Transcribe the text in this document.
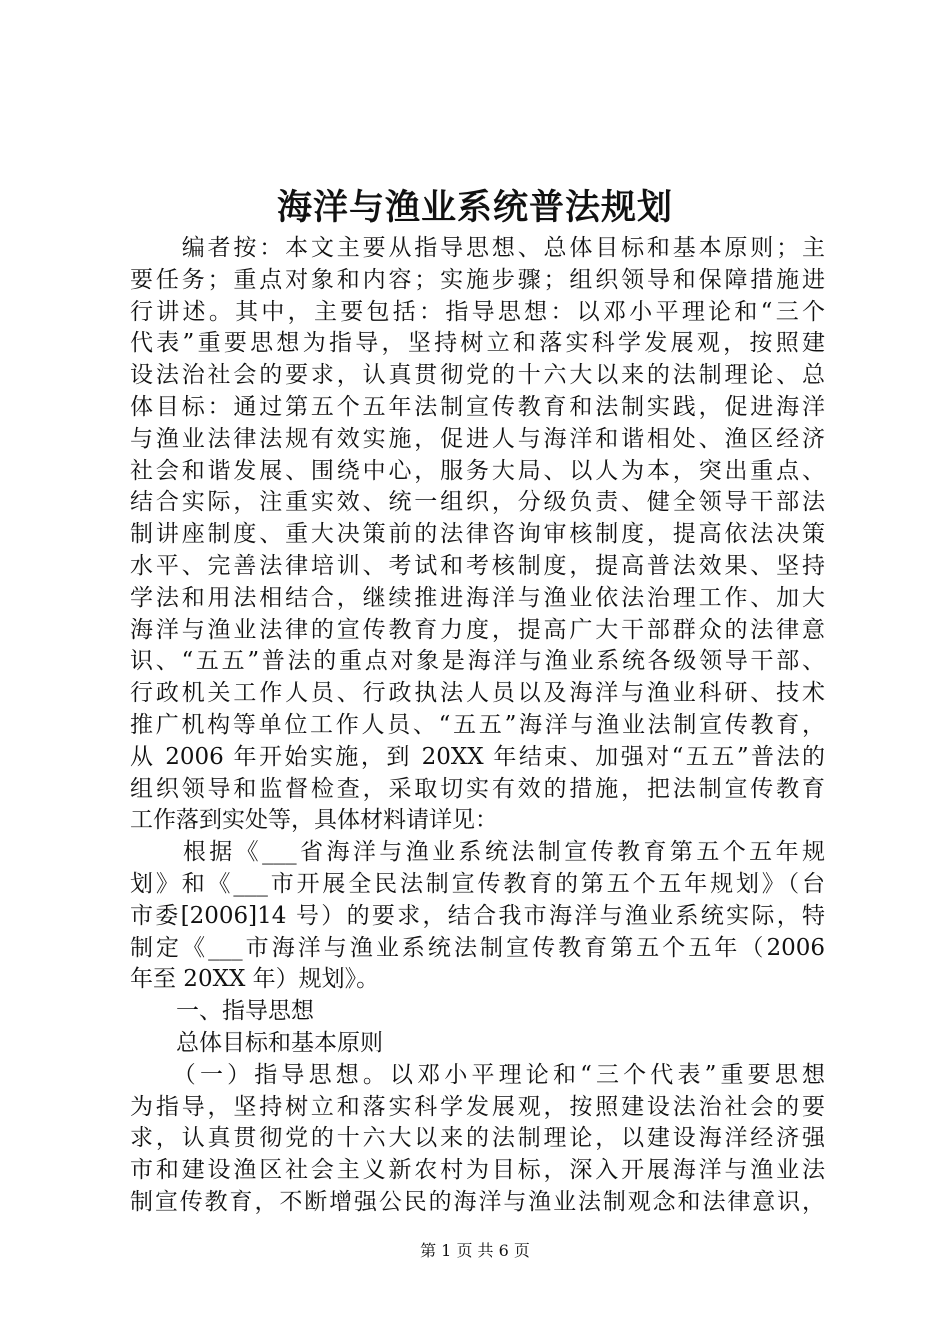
海洋与渔业系统普法规划
　　编者按：本文主要从指导思想、总体目标和基本原则；主
要任务；重点对象和内容；实施步骤；组织领导和保障措施进
行讲述。其中，主要包括：指导思想：以邓小平理论和“三个
代表”重要思想为指导，坚持树立和落实科学发展观，按照建
设法治社会的要求，认真贯彻党的十六大以来的法制理论、总
体目标：通过第五个五年法制宣传教育和法制实践，促进海洋
与渔业法律法规有效实施，促进人与海洋和谐相处、渔区经济
社会和谐发展、围绕中心，服务大局、以人为本，突出重点、
结合实际，注重实效、统一组织，分级负责、健全领导干部法
制讲座制度、重大决策前的法律咨询审核制度，提高依法决策
水平、完善法律培训、考试和考核制度，提高普法效果、坚持
学法和用法相结合，继续推进海洋与渔业依法治理工作、加大
海洋与渔业法律的宣传教育力度，提高广大干部群众的法律意
识、“五五”普法的重点对象是海洋与渔业系统各级领导干部、
行政机关工作人员、行政执法人员以及海洋与渔业科研、技术
推广机构等单位工作人员、“五五”海洋与渔业法制宣传教育，
从 2006 年开始实施，到 20XX 年结束、加强对“五五”普法的
组织领导和监督检查，采取切实有效的措施，把法制宣传教育
工作落到实处等，具体材料请详见：
　　根据《___省海洋与渔业系统法制宣传教育第五个五年规
划》和《___市开展全民法制宣传教育的第五个五年规划》（台
市委[2006]14 号）的要求，结合我市海洋与渔业系统实际，特
制定《___市海洋与渔业系统法制宣传教育第五个五年（2006
年至 20XX 年）规划》。
　　一、指导思想
　　总体目标和基本原则
　　（一）指导思想。以邓小平理论和“三个代表”重要思想
为指导，坚持树立和落实科学发展观，按照建设法治社会的要
求，认真贯彻党的十六大以来的法制理论，以建设海洋经济强
市和建设渔区社会主义新农村为目标，深入开展海洋与渔业法
制宣传教育，不断增强公民的海洋与渔业法制观念和法律意识，
第 1 页 共 6 页
